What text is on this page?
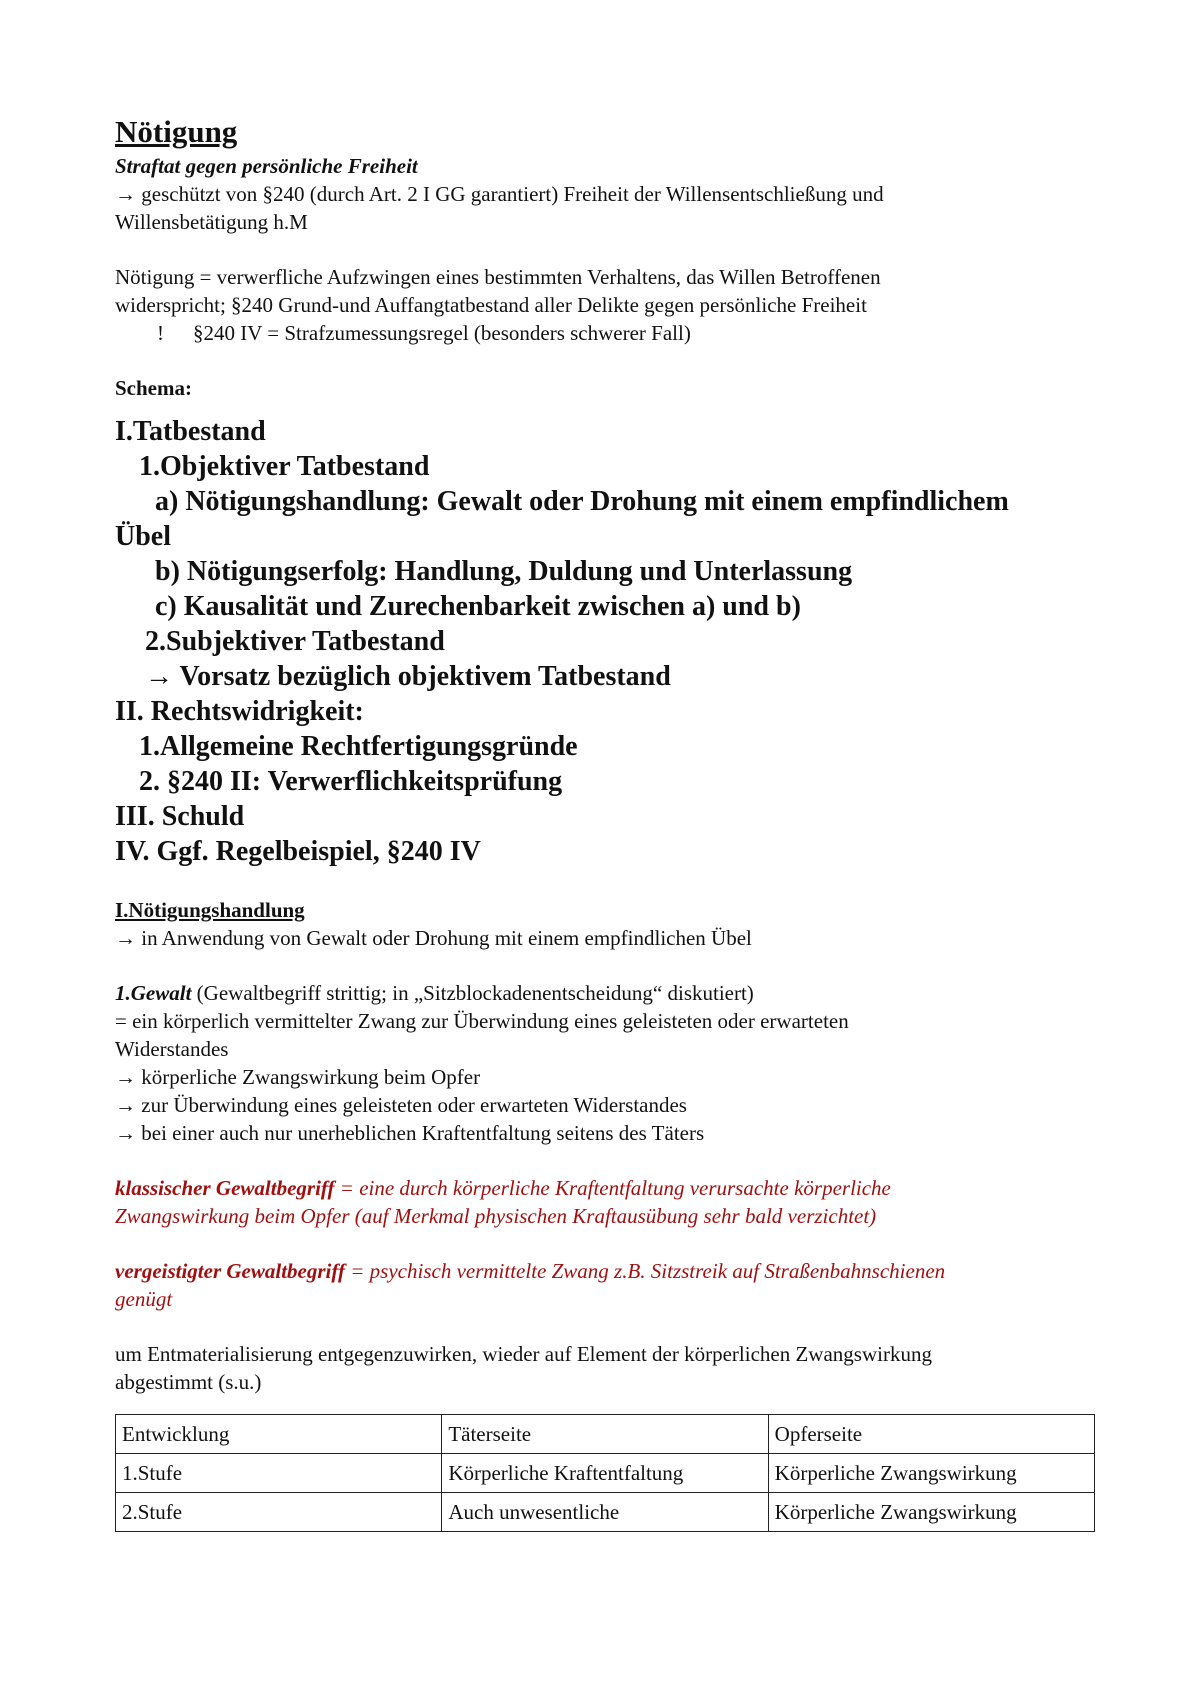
Nötigung

Straftat gegen persönliche Freiheit

→ geschützt von §240 (durch Art. 2 I GG garantiert) Freiheit der Willensentschließung und

Willensbetätigung h.M

Nötigung = verwerfliche Aufzwingen eines bestimmten Verhaltens, das Willen Betroffenen

widerspricht; §240 Grund-und Auffangtatbestand aller Delikte gegen persönliche Freiheit

! §240 IV = Strafzumessungsregel (besonders schwerer Fall)

Schema:

I.Tatbestand

1.Objektiver Tatbestand

a) Nötigungshandlung: Gewalt oder Drohung mit einem empfindlichem

Übel

b) Nötigungserfolg: Handlung, Duldung und Unterlassung

c) Kausalität und Zurechenbarkeit zwischen a) und b)

2.Subjektiver Tatbestand

→ Vorsatz bezüglich objektivem Tatbestand

II. Rechtswidrigkeit:

1.Allgemeine Rechtfertigungsgründe

2. §240 II: Verwerflichkeitsprüfung

III. Schuld

IV. Ggf. Regelbeispiel, §240 IV

I.Nötigungshandlung

→ in Anwendung von Gewalt oder Drohung mit einem empfindlichen Übel

1.Gewalt (Gewaltbegriff strittig; in „Sitzblockadenentscheidung“ diskutiert)

= ein körperlich vermittelter Zwang zur Überwindung eines geleisteten oder erwarteten

Widerstandes

→ körperliche Zwangswirkung beim Opfer

→ zur Überwindung eines geleisteten oder erwarteten Widerstandes

→ bei einer auch nur unerheblichen Kraftentfaltung seitens des Täters

klassischer Gewaltbegriff = eine durch körperliche Kraftentfaltung verursachte körperliche

Zwangswirkung beim Opfer (auf Merkmal physischen Kraftausübung sehr bald verzichtet)

vergeistigter Gewaltbegriff = psychisch vermittelte Zwang z.B. Sitzstreik auf Straßenbahnschienen

genügt

um Entmaterialisierung entgegenzuwirken, wieder auf Element der körperlichen Zwangswirkung

abgestimmt (s.u.)

Entwicklung	Täterseite	Opferseite
1.Stufe	Körperliche Kraftentfaltung	Körperliche Zwangswirkung
2.Stufe	Auch unwesentliche	Körperliche Zwangswirkung
